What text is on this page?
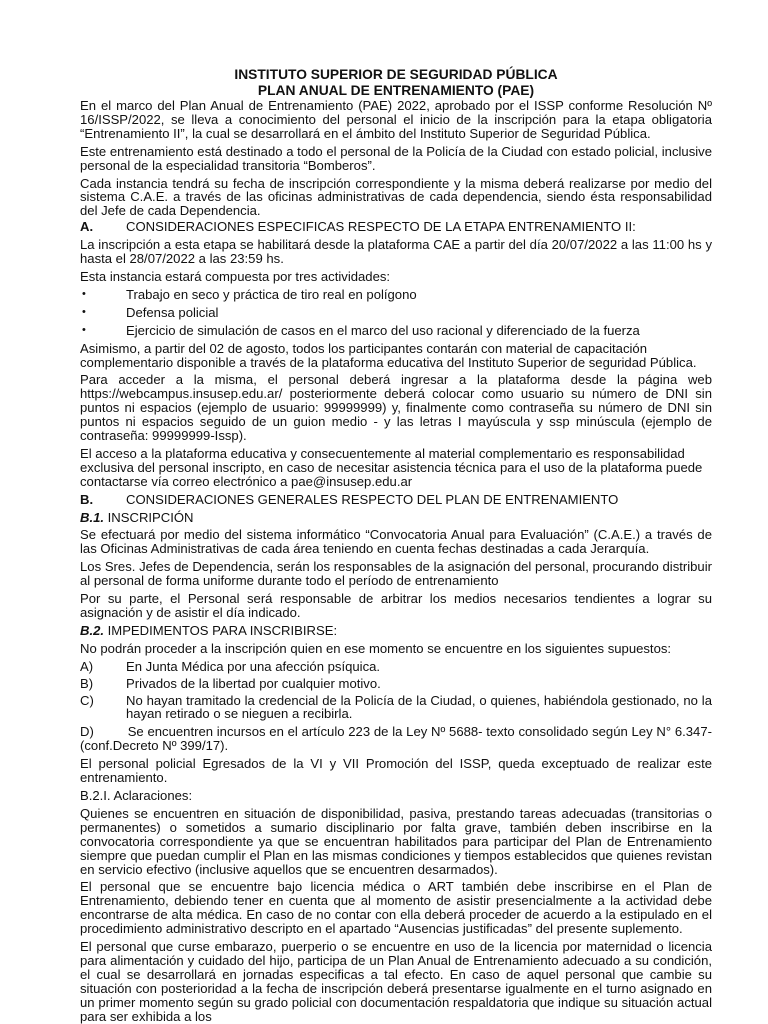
INSTITUTO SUPERIOR DE SEGURIDAD PÚBLICA
PLAN ANUAL DE ENTRENAMIENTO (PAE)

En el marco del Plan Anual de Entrenamiento (PAE) 2022, aprobado por el ISSP conforme Resolución Nº 16/ISSP/2022, se lleva a conocimiento del personal el inicio de la inscripción para la etapa obligatoria “Entrenamiento II”, la cual se desarrollará en el ámbito del Instituto Superior de Seguridad Pública.

Este entrenamiento está destinado a todo el personal de la Policía de la Ciudad con estado policial, inclusive personal de la especialidad transitoria “Bomberos”.

Cada instancia tendrá su fecha de inscripción correspondiente y la misma deberá realizarse por medio del sistema C.A.E. a través de las oficinas administrativas de cada dependencia, siendo ésta responsabilidad del Jefe de cada Dependencia.

A.	CONSIDERACIONES ESPECIFICAS RESPECTO DE LA ETAPA ENTRENAMIENTO II:

La inscripción a esta etapa se habilitará desde la plataforma CAE a partir del día 20/07/2022 a las 11:00 hs y hasta el 28/07/2022 a las 23:59 hs.

Esta instancia estará compuesta por tres actividades:

•	Trabajo en seco y práctica de tiro real en polígono
•	Defensa policial
•	Ejercicio de simulación de casos en el marco del uso racional y diferenciado de la fuerza

Asimismo, a partir del 02 de agosto, todos los participantes contarán con material de capacitación complementario disponible a través de la plataforma educativa del Instituto Superior de seguridad Pública.

Para acceder a la misma, el personal deberá ingresar a la plataforma desde la página web https://webcampus.insusep.edu.ar/ posteriormente deberá colocar como usuario su número de DNI sin puntos ni espacios (ejemplo de usuario: 99999999) y, finalmente como contraseña su número de DNI sin puntos ni espacios seguido de un guion medio - y las letras I mayúscula y ssp minúscula (ejemplo de contraseña: 99999999-Issp).

El acceso a la plataforma educativa y consecuentemente al material complementario es responsabilidad exclusiva del personal inscripto, en caso de necesitar asistencia técnica para el uso de la plataforma puede contactarse vía correo electrónico a pae@insusep.edu.ar

B.	CONSIDERACIONES GENERALES RESPECTO DEL PLAN DE ENTRENAMIENTO
B.1. INSCRIPCIÓN

Se efectuará por medio del sistema informático “Convocatoria Anual para Evaluación” (C.A.E.) a través de las Oficinas Administrativas de cada área teniendo en cuenta fechas destinadas a cada Jerarquía.

Los Sres. Jefes de Dependencia, serán los responsables de la asignación del personal, procurando distribuir al personal de forma uniforme durante todo el período de entrenamiento

Por su parte, el Personal será responsable de arbitrar los medios necesarios tendientes a lograr su asignación y de asistir el día indicado.

B.2. IMPEDIMENTOS PARA INSCRIBIRSE:

No podrán proceder a la inscripción quien en ese momento se encuentre en los siguientes supuestos:

A)	En Junta Médica por una afección psíquica.
B)	Privados de la libertad por cualquier motivo.
C)	No hayan tramitado la credencial de la Policía de la Ciudad, o quienes, habiéndola gestionado, no la hayan retirado o se nieguen a recibirla.

D)	Se encuentren incursos en el artículo 223 de la Ley Nº 5688- texto consolidado según Ley N° 6.347- (conf.Decreto Nº 399/17).

El personal policial Egresados de la VI y VII Promoción del ISSP, queda exceptuado de realizar este entrenamiento.

B.2.I. Aclaraciones:

Quienes se encuentren en situación de disponibilidad, pasiva, prestando tareas adecuadas (transitorias o permanentes) o sometidos a sumario disciplinario por falta grave, también deben inscribirse en la convocatoria correspondiente ya que se encuentran habilitados para participar del Plan de Entrenamiento siempre que puedan cumplir el Plan en las mismas condiciones y tiempos establecidos que quienes revistan en servicio efectivo (inclusive aquellos que se encuentren desarmados).

El personal que se encuentre bajo licencia médica o ART también debe inscribirse en el Plan de Entrenamiento, debiendo tener en cuenta que al momento de asistir presencialmente a la actividad debe encontrarse de alta médica. En caso de no contar con ella deberá proceder de acuerdo a la estipulado en el procedimiento administrativo descripto en el apartado “Ausencias justificadas” del presente suplemento.

El personal que curse embarazo, puerperio o se encuentre en uso de la licencia por maternidad o licencia para alimentación y cuidado del hijo, participa de un Plan Anual de Entrenamiento adecuado a su condición, el cual se desarrollará en jornadas especificas a tal efecto. En caso de aquel personal que cambie su situación con posterioridad a la fecha de inscripción deberá presentarse igualmente en el turno asignado en un primer momento según su grado policial con documentación respaldatoria que indique su situación actual para ser exhibida a los
